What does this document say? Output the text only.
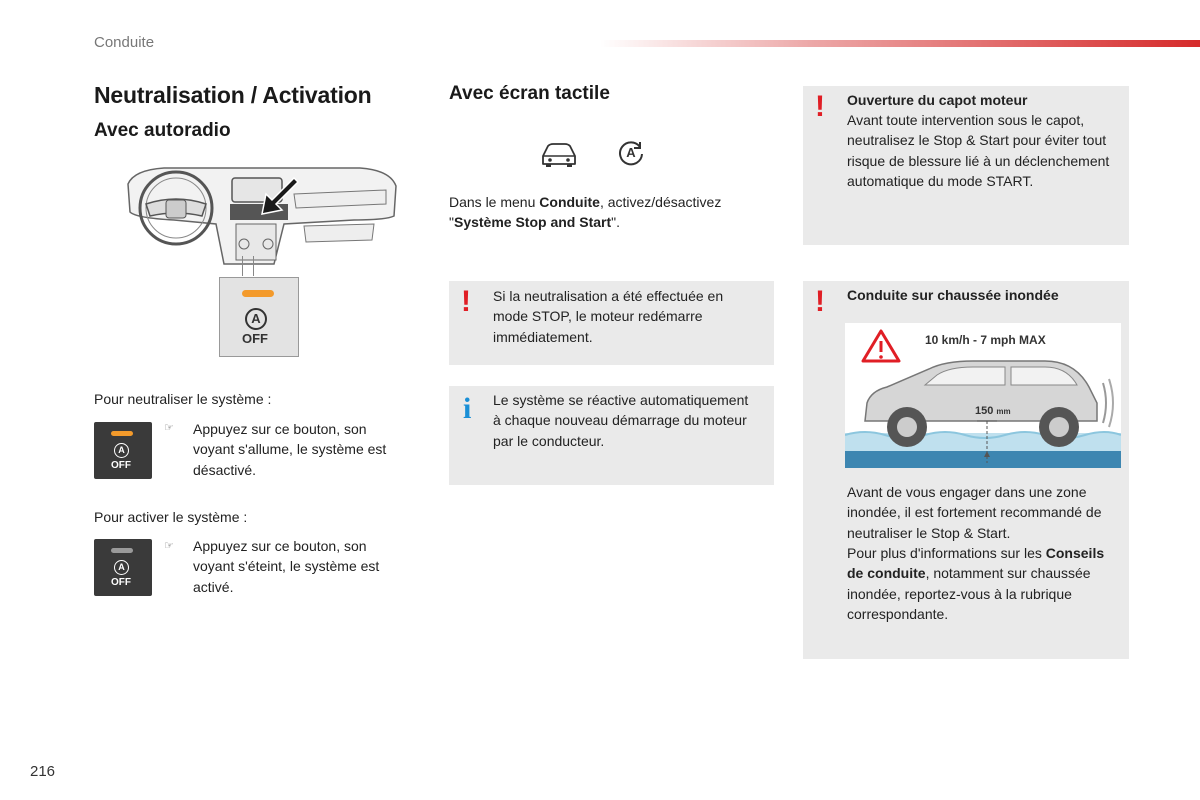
Conduite
Neutralisation / Activation
Avec autoradio
A
OFF
Pour neutraliser le système :
A
OFF
☞ Appuyez sur ce bouton, son voyant s'allume, le système est désactivé.
Pour activer le système :
A
OFF
☞ Appuyez sur ce bouton, son voyant s'éteint, le système est activé.
Avec écran tactile
A
Dans le menu Conduite, activez/désactivez "Système Stop and Start".
! Si la neutralisation a été effectuée en mode STOP, le moteur redémarre immédiatement.
i Le système se réactive automatiquement à chaque nouveau démarrage du moteur par le conducteur.
! Ouverture du capot moteur
Avant toute intervention sous le capot, neutralisez le Stop & Start pour éviter tout risque de blessure lié à un déclenchement automatique du mode START.
! Conduite sur chaussée inondée
10 km/h - 7 mph MAX
150 mm
Avant de vous engager dans une zone inondée, il est fortement recommandé de neutraliser le Stop & Start.
Pour plus d'informations sur les Conseils de conduite, notamment sur chaussée inondée, reportez-vous à la rubrique correspondante.
216
